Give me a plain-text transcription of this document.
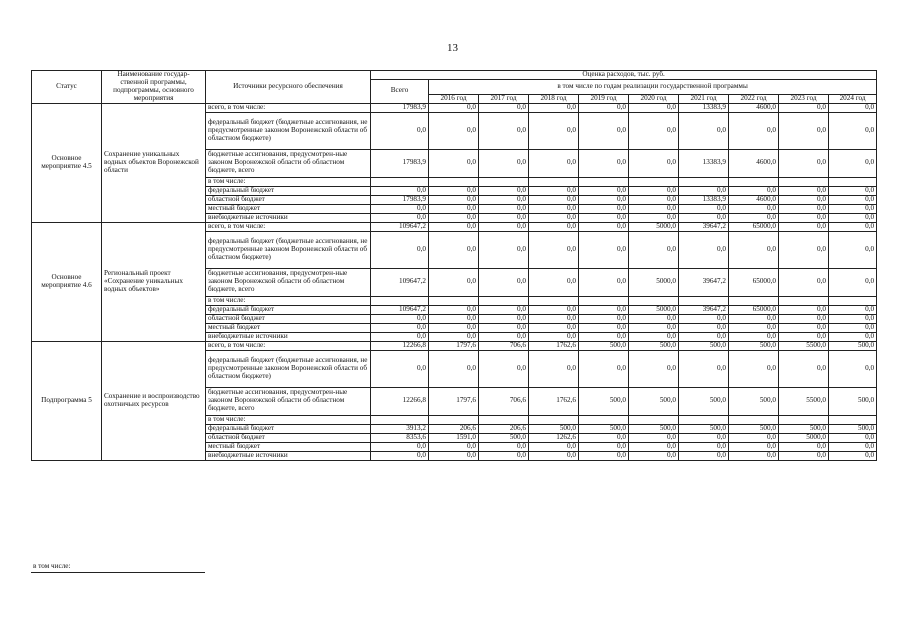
13
Статус	Наименование государ-ственной программы, подпрограммы, основного мероприятия	Источники ресурсного обеспечения	Оценка расходов, тыс. руб.									
			Всего	в том числе по годам реализации государственной программы								
				2016 год	2017 год	2018 год	2019 год	2020 год	2021 год	2022 год	2023 год	2024 год
Основное мероприятие 4.5	Сохранение уникальных водных объектов Воронежской области	всего, в том числе:	17983,9	0,0	0,0	0,0	0,0	0,0	13383,9	4600,0	0,0	0,0
		федеральный бюджет (бюджетные ассигнования, не предусмотренные законом Воронежской области об областном бюджете)	0,0	0,0	0,0	0,0	0,0	0,0	0,0	0,0	0,0	0,0
		бюджетные ассигнования, предусмотрен-ные законом Воронежской области об областном бюджете, всего	17983,9	0,0	0,0	0,0	0,0	0,0	13383,9	4600,0	0,0	0,0
		в том числе:										
		федеральный бюджет	0,0	0,0	0,0	0,0	0,0	0,0	0,0	0,0	0,0	0,0
		областной бюджет	17983,9	0,0	0,0	0,0	0,0	0,0	13383,9	4600,0	0,0	0,0
		местный бюджет	0,0	0,0	0,0	0,0	0,0	0,0	0,0	0,0	0,0	0,0
		внебюджетные источники	0,0	0,0	0,0	0,0	0,0	0,0	0,0	0,0	0,0	0,0
Основное мероприятие 4.6	Региональный проект «Сохранение уникальных водных объектов»	всего, в том числе:	109647,2	0,0	0,0	0,0	0,0	5000,0	39647,2	65000,0	0,0	0,0
		федеральный бюджет (бюджетные ассигнования, не предусмотренные законом Воронежской области об областном бюджете)	0,0	0,0	0,0	0,0	0,0	0,0	0,0	0,0	0,0	0,0
		бюджетные ассигнования, предусмотрен-ные законом Воронежской области об областном бюджете, всего	109647,2	0,0	0,0	0,0	0,0	5000,0	39647,2	65000,0	0,0	0,0
		в том числе:										
		федеральный бюджет	109647,2	0,0	0,0	0,0	0,0	5000,0	39647,2	65000,0	0,0	0,0
		областной бюджет	0,0	0,0	0,0	0,0	0,0	0,0	0,0	0,0	0,0	0,0
		местный бюджет	0,0	0,0	0,0	0,0	0,0	0,0	0,0	0,0	0,0	0,0
		внебюджетные источники	0,0	0,0	0,0	0,0	0,0	0,0	0,0	0,0	0,0	0,0
Подпрограмма 5	Сохранение и воспроизводство охотничьих ресурсов	всего, в том числе:	12266,8	1797,6	706,6	1762,6	500,0	500,0	500,0	500,0	5500,0	500,0
		федеральный бюджет (бюджетные ассигнования, не предусмотренные законом Воронежской области об областном бюджете)	0,0	0,0	0,0	0,0	0,0	0,0	0,0	0,0	0,0	0,0
		бюджетные ассигнования, предусмотрен-ные законом Воронежской области об областном бюджете, всего	12266,8	1797,6	706,6	1762,6	500,0	500,0	500,0	500,0	5500,0	500,0
		в том числе:										
		федеральный бюджет	3913,2	206,6	206,6	500,0	500,0	500,0	500,0	500,0	500,0	500,0
		областной бюджет	8353,6	1591,0	500,0	1262,6	0,0	0,0	0,0	0,0	5000,0	0,0
		местный бюджет	0,0	0,0	0,0	0,0	0,0	0,0	0,0	0,0	0,0	0,0
		внебюджетные источники	0,0	0,0	0,0	0,0	0,0	0,0	0,0	0,0	0,0	0,0
в том числе:
